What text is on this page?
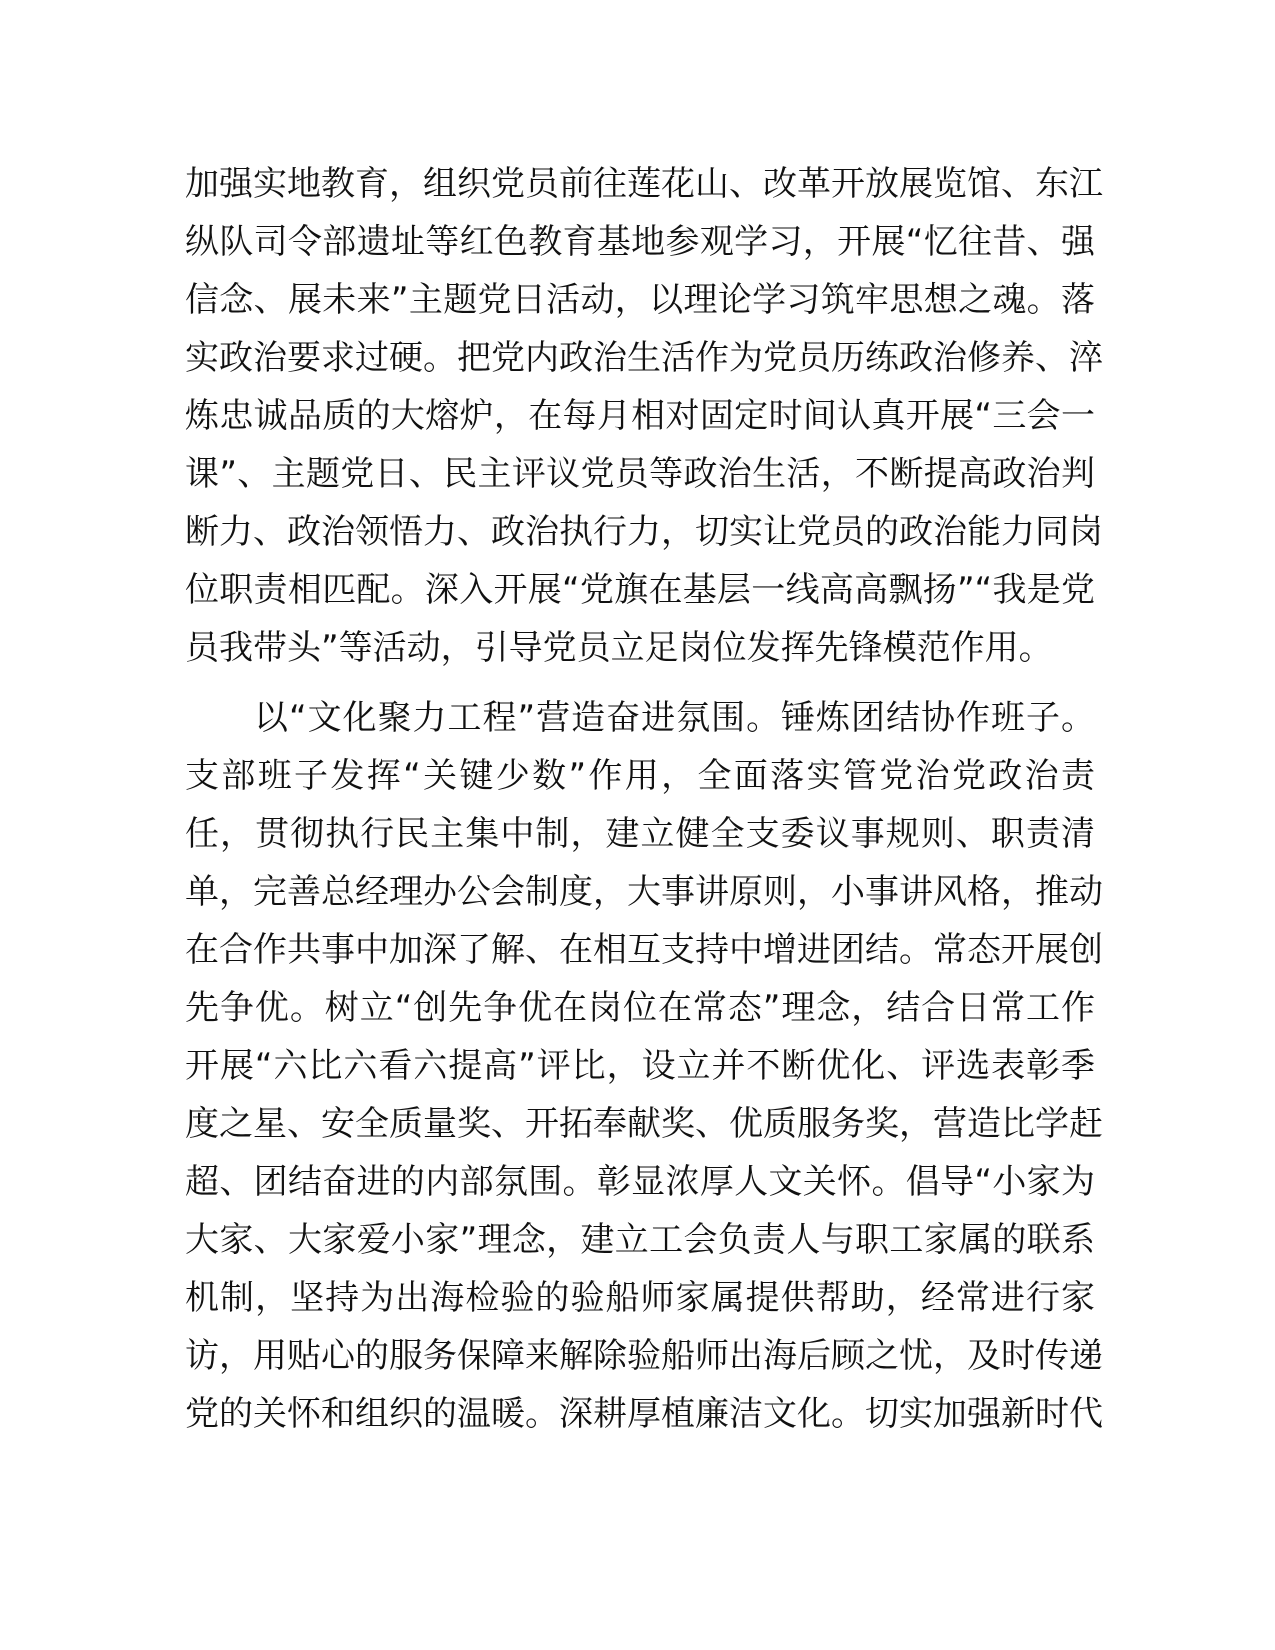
加强实地教育，组织党员前往莲花山、改革开放展览馆、东江
纵队司令部遗址等红色教育基地参观学习，开展“忆往昔、强
信念、展未来”主题党日活动，以理论学习筑牢思想之魂。落
实政治要求过硬。把党内政治生活作为党员历练政治修养、淬
炼忠诚品质的大熔炉，在每月相对固定时间认真开展“三会一
课”、主题党日、民主评议党员等政治生活，不断提高政治判
断力、政治领悟力、政治执行力，切实让党员的政治能力同岗
位职责相匹配。深入开展“党旗在基层一线高高飘扬”“我是党
员我带头”等活动，引导党员立足岗位发挥先锋模范作用。
以“文化聚力工程”营造奋进氛围。锤炼团结协作班子。
支部班子发挥“关键少数”作用，全面落实管党治党政治责
任，贯彻执行民主集中制，建立健全支委议事规则、职责清
单，完善总经理办公会制度，大事讲原则，小事讲风格，推动
在合作共事中加深了解、在相互支持中增进团结。常态开展创
先争优。树立“创先争优在岗位在常态”理念，结合日常工作
开展“六比六看六提高”评比，设立并不断优化、评选表彰季
度之星、安全质量奖、开拓奉献奖、优质服务奖，营造比学赶
超、团结奋进的内部氛围。彰显浓厚人文关怀。倡导“小家为
大家、大家爱小家”理念，建立工会负责人与职工家属的联系
机制，坚持为出海检验的验船师家属提供帮助，经常进行家
访，用贴心的服务保障来解除验船师出海后顾之忧，及时传递
党的关怀和组织的温暖。深耕厚植廉洁文化。切实加强新时代
